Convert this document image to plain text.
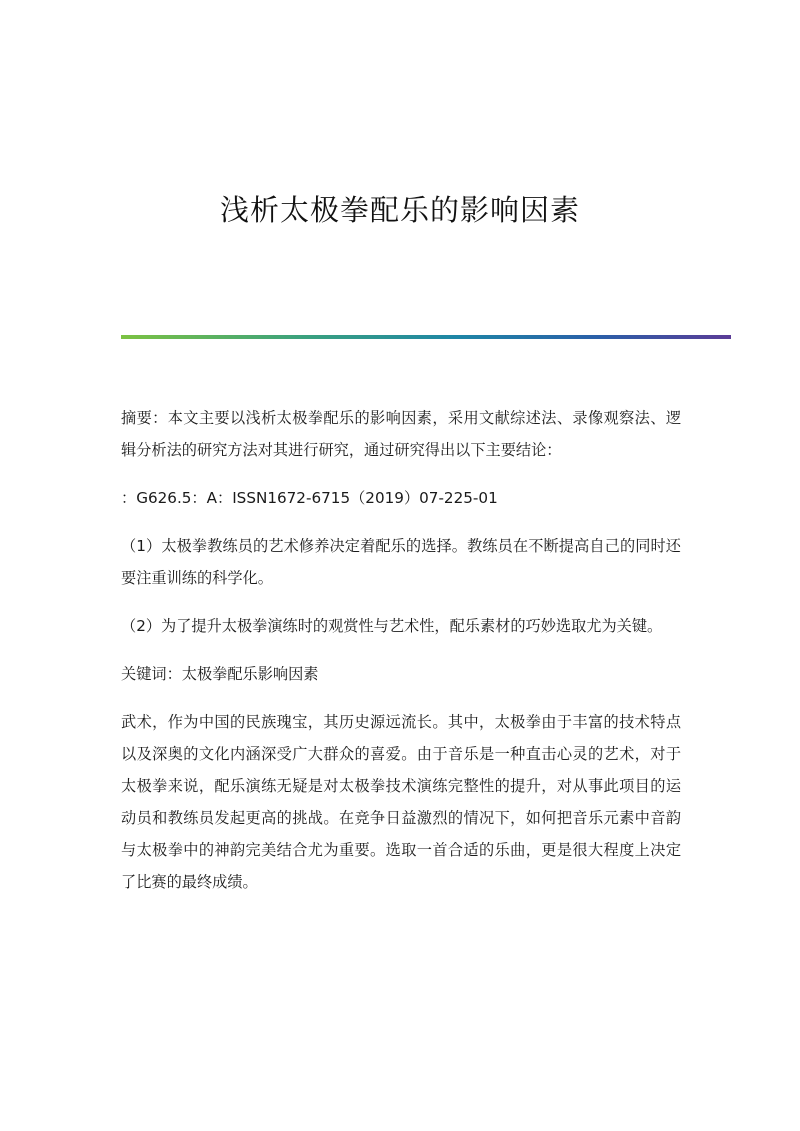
浅析太极拳配乐的影响因素

摘要：本文主要以浅析太极拳配乐的影响因素，采用文献综述法、录像观察法、逻辑分析法的研究方法对其进行研究，通过研究得出以下主要结论：

：G626.5：A：ISSN1672-6715（2019）07-225-01

（1）太极拳教练员的艺术修养决定着配乐的选择。教练员在不断提高自己的同时还要注重训练的科学化。

（2）为了提升太极拳演练时的观赏性与艺术性，配乐素材的巧妙选取尤为关键。

关键词：太极拳配乐影响因素

武术，作为中国的民族瑰宝，其历史源远流长。其中，太极拳由于丰富的技术特点以及深奥的文化内涵深受广大群众的喜爱。由于音乐是一种直击心灵的艺术，对于太极拳来说，配乐演练无疑是对太极拳技术演练完整性的提升，对从事此项目的运动员和教练员发起更高的挑战。在竞争日益激烈的情况下，如何把音乐元素中音韵与太极拳中的神韵完美结合尤为重要。选取一首合适的乐曲，更是很大程度上决定了比赛的最终成绩。
